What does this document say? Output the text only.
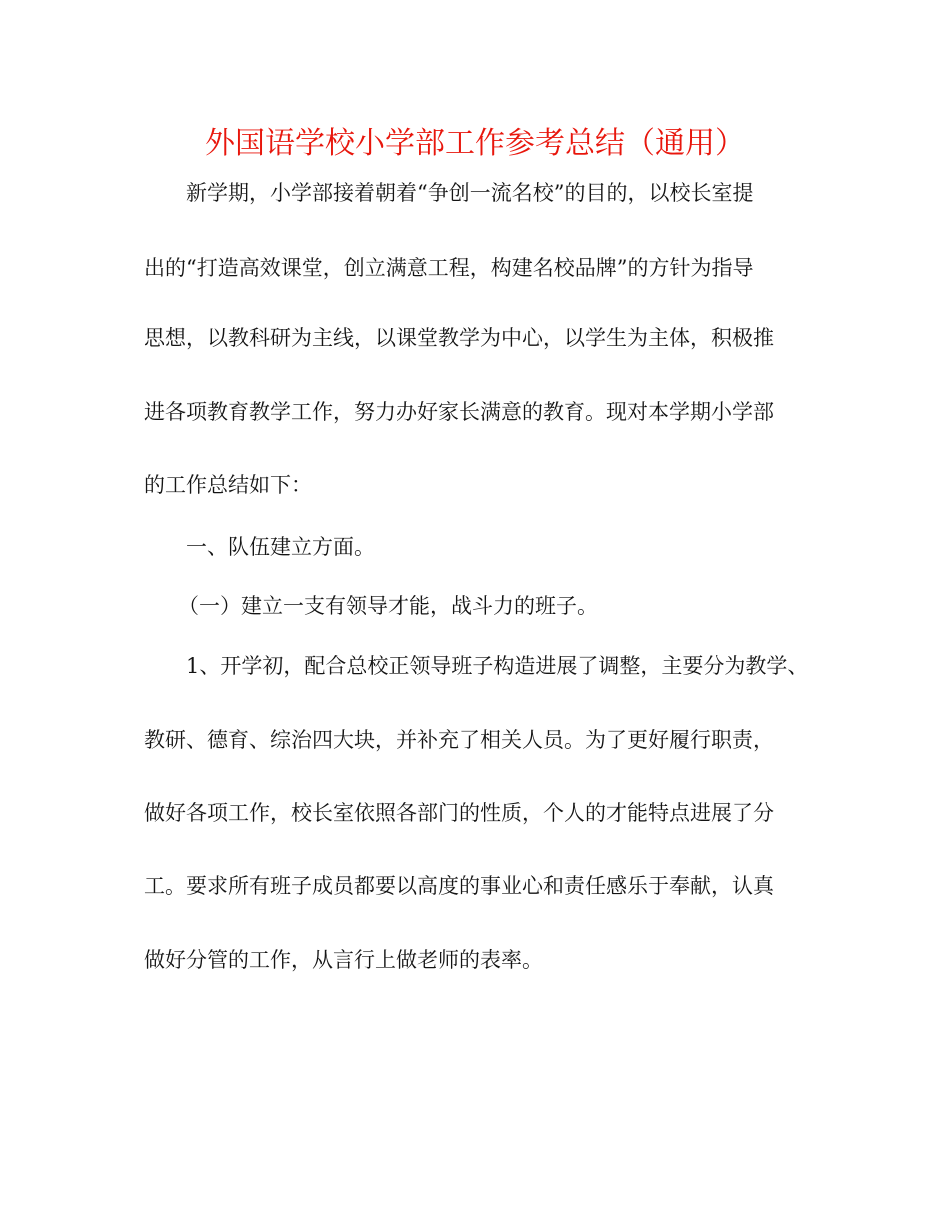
外国语学校小学部工作参考总结（通用）
新学期，小学部接着朝着“争创一流名校”的目的，以校长室提
出的“打造高效课堂，创立满意工程，构建名校品牌”的方针为指导
思想，以教科研为主线，以课堂教学为中心，以学生为主体，积极推
进各项教育教学工作，努力办好家长满意的教育。现对本学期小学部
的工作总结如下：
一、队伍建立方面。
（一）建立一支有领导才能，战斗力的班子。
1、开学初，配合总校正领导班子构造进展了调整，主要分为教学、
教研、德育、综治四大块，并补充了相关人员。为了更好履行职责，
做好各项工作，校长室依照各部门的性质，个人的才能特点进展了分
工。要求所有班子成员都要以高度的事业心和责任感乐于奉献，认真
做好分管的工作，从言行上做老师的表率。
